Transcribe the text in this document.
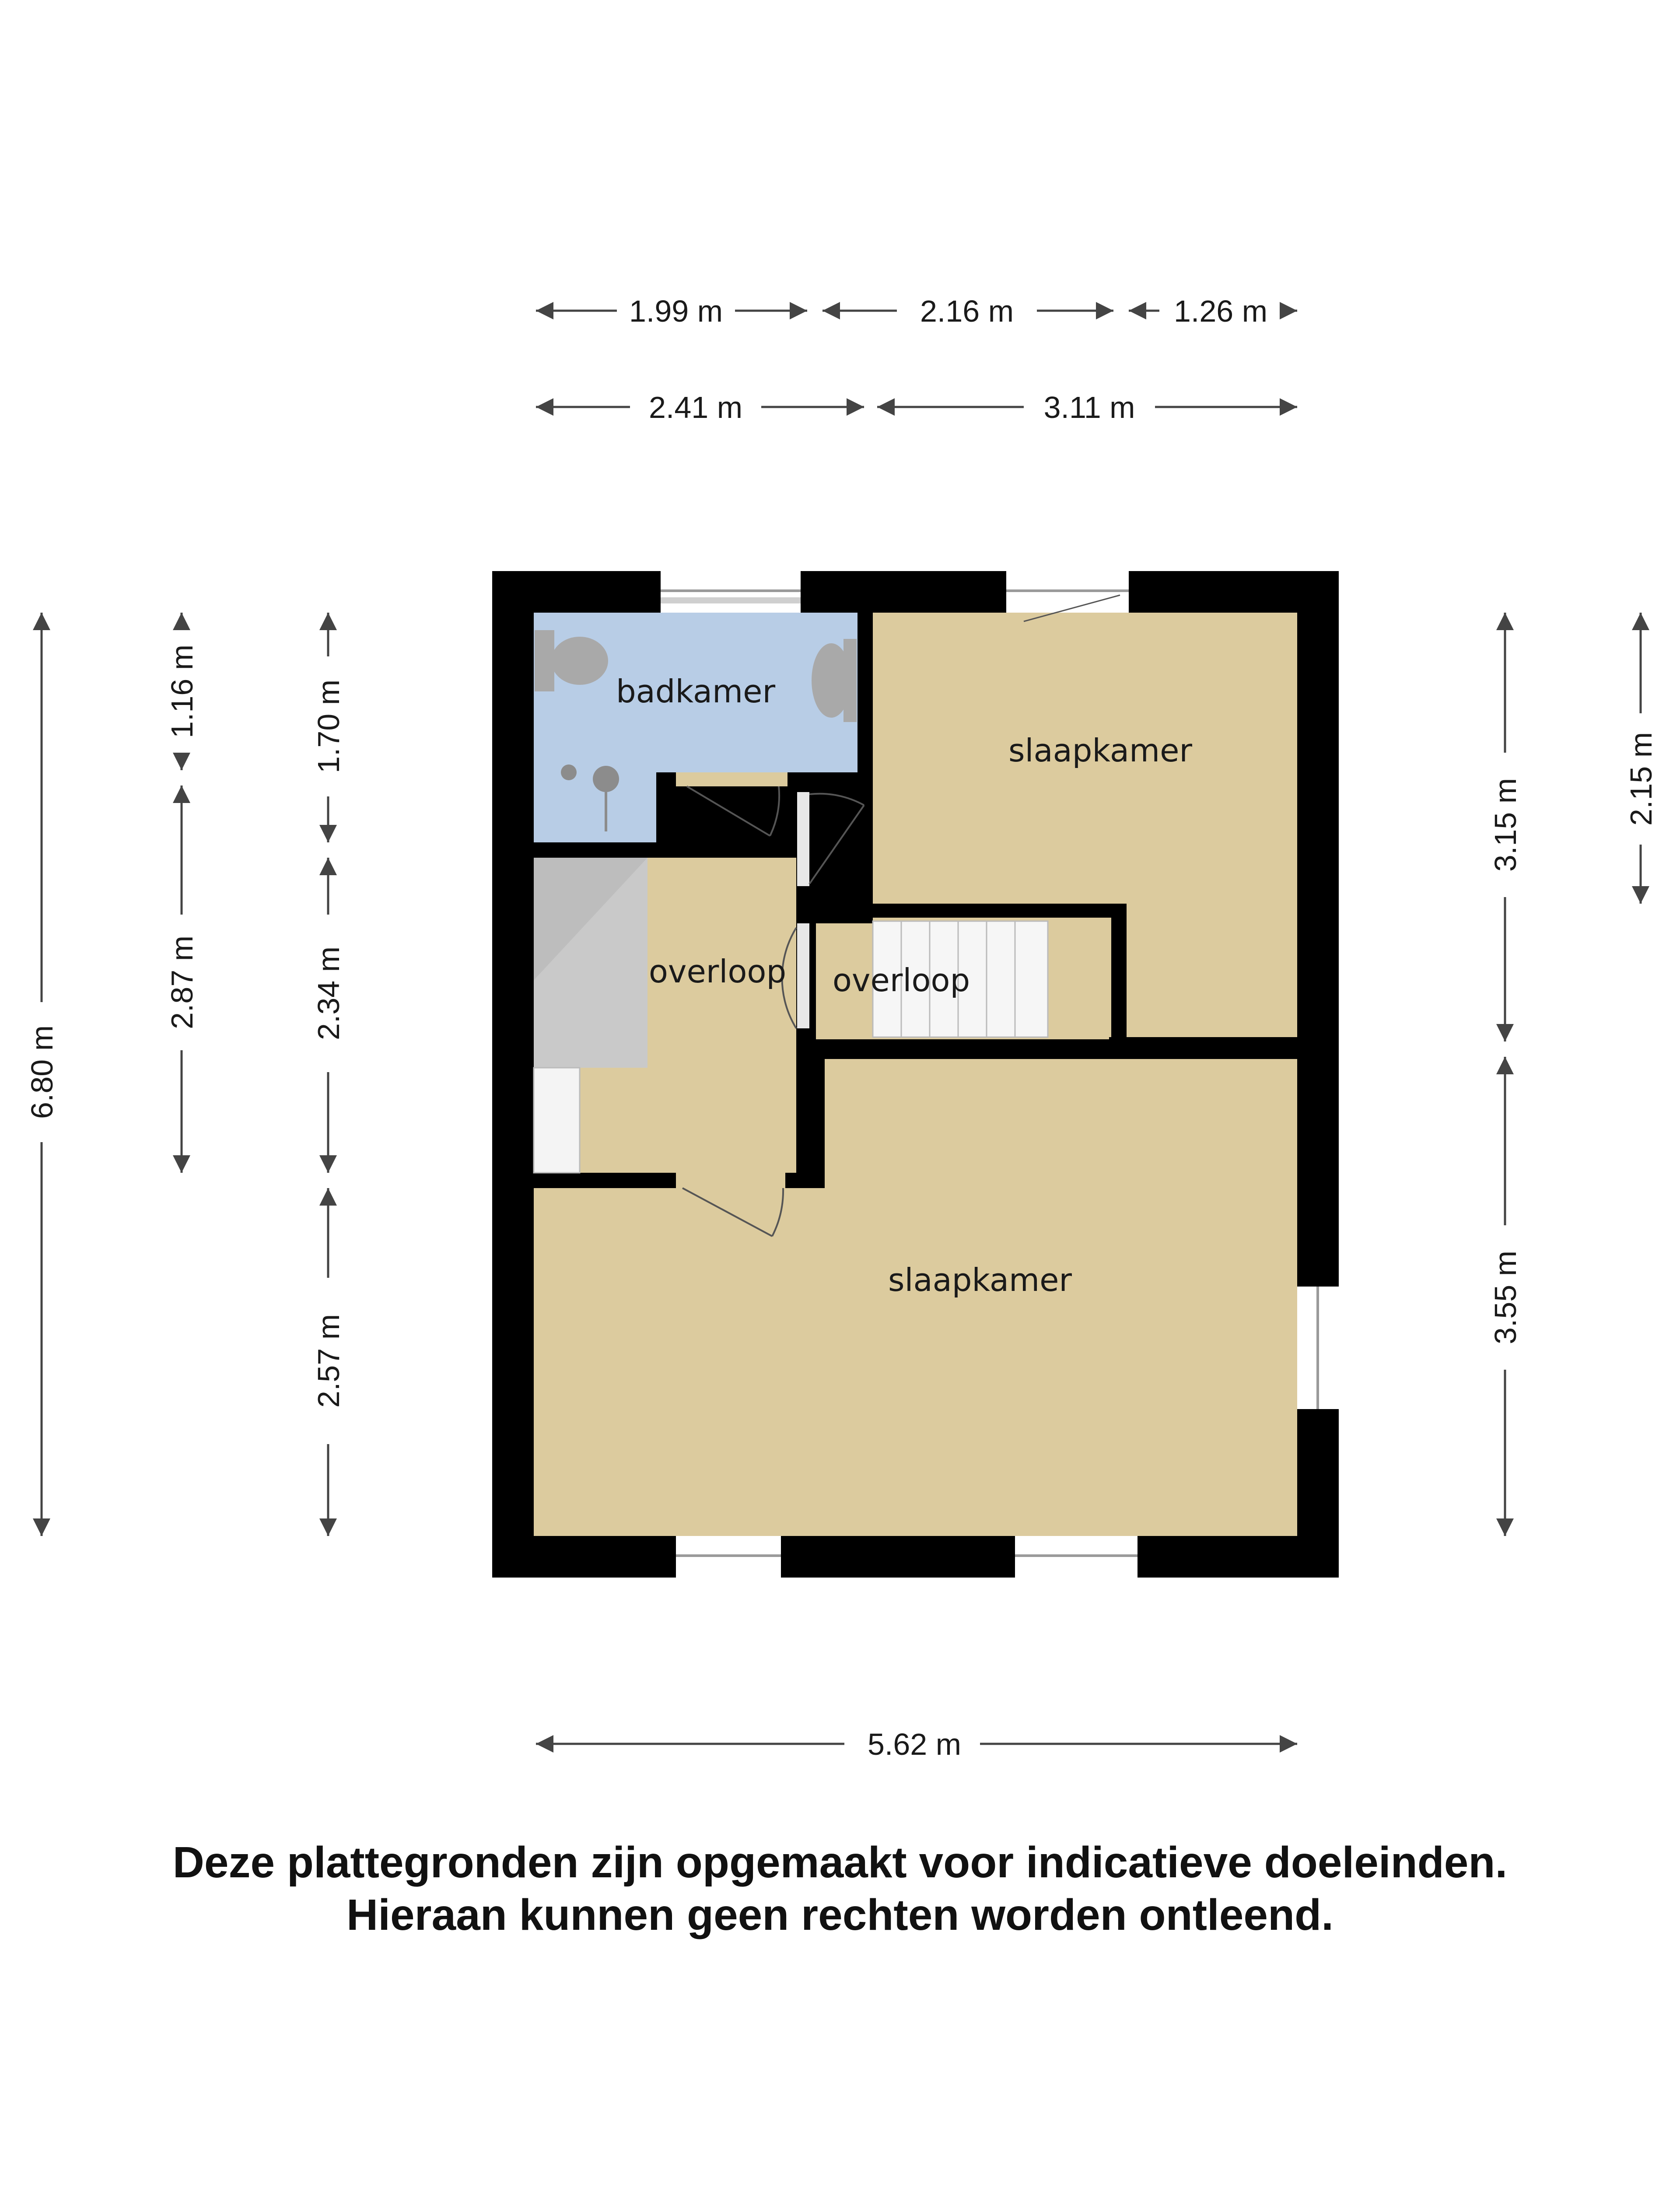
badkamer
slaapkamer
overloop overloop
slaapkamer
1.99 m	2.16 m	1.26 m
2.41 m	3.11 m
5.62 m
6.80 m
1.16 m
2.87 m
1.70 m
2.34 m
2.57 m
3.15 m
3.55 m
2.15 m
Deze plattegronden zijn opgemaakt voor indicatieve doeleinden.
Hieraan kunnen geen rechten worden ontleend.
